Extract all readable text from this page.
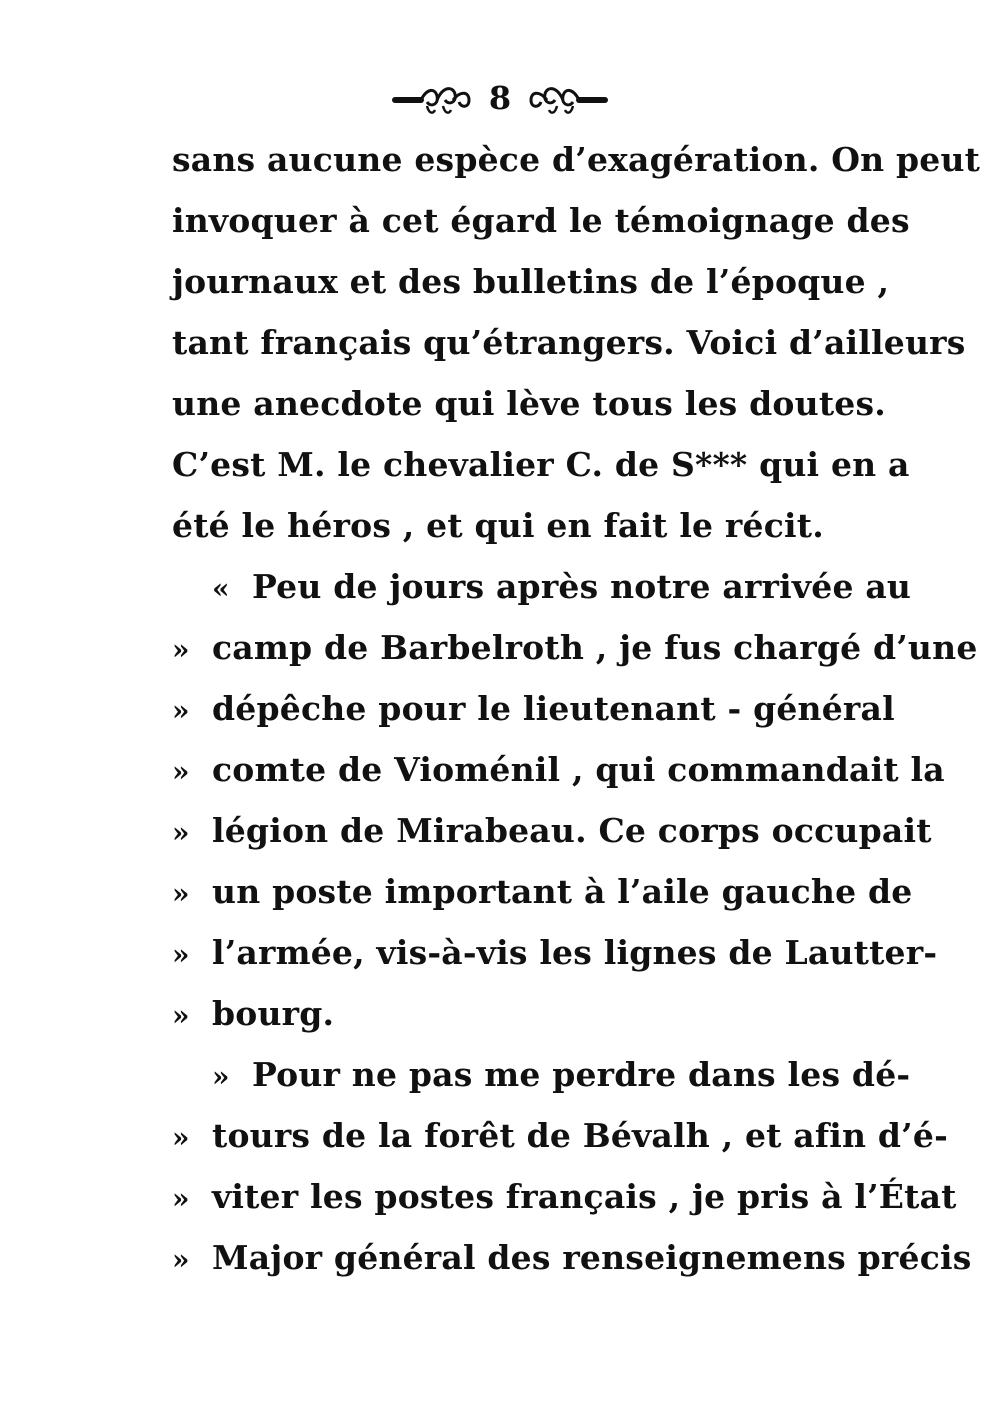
8
sans aucune espèce d’exagération. On peut
invoquer à cet égard le témoignage des
journaux et des bulletins de l’époque ,
tant français qu’étrangers. Voici d’ailleurs
une anecdote qui lève tous les doutes.
C’est M. le chevalier C. de S*** qui en a
été le héros , et qui en fait le récit.
« Peu de jours après notre arrivée au
» camp de Barbelroth , je fus chargé d’une
» dépêche pour le lieutenant - général
» comte de Vioménil , qui commandait la
» légion de Mirabeau. Ce corps occupait
» un poste important à l’aile gauche de
» l’armée, vis-à-vis les lignes de Lautter-
» bourg.
» Pour ne pas me perdre dans les dé-
» tours de la forêt de Bévalh , et afin d’é-
» viter les postes français , je pris à l’État
» Major général des renseignemens précis
